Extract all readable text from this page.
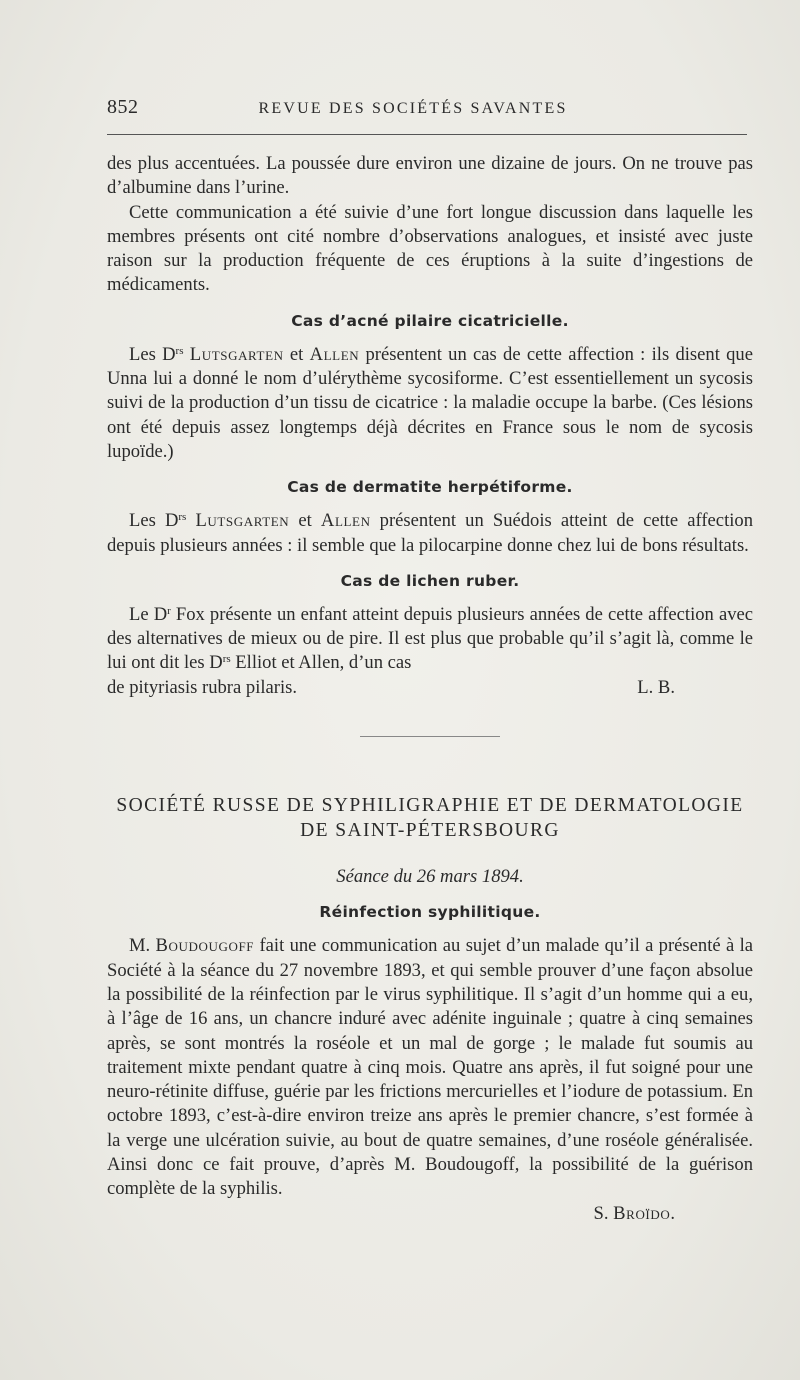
852	REVUE DES SOCIÉTÉS SAVANTES

des plus accentuées. La poussée dure environ une dizaine de jours. On ne trouve pas d’albumine dans l’urine.

Cette communication a été suivie d’une fort longue discussion dans laquelle les membres présents ont cité nombre d’observations analogues, et insisté avec juste raison sur la production fréquente de ces éruptions à la suite d’ingestions de médicaments.

Cas d’acné pilaire cicatricielle.

Les $D^{rs}$ Lutsgarten et Allen présentent un cas de cette affection : ils disent que Unna lui a donné le nom d’ulérythème sycosiforme. C’est essentiellement un sycosis suivi de la production d’un tissu de cicatrice : la maladie occupe la barbe. (Ces lésions ont été depuis assez longtemps déjà décrites en France sous le nom de sycosis lupoïde.)

Cas de dermatite herpétiforme.

Les $D^{rs}$ Lutsgarten et Allen présentent un Suédois atteint de cette affection depuis plusieurs années : il semble que la pilocarpine donne chez lui de bons résultats.

Cas de lichen ruber.

Le $D^r$ Fox présente un enfant atteint depuis plusieurs années de cette affection avec des alternatives de mieux ou de pire. Il est plus que probable qu’il s’agit là, comme le lui ont dit les $D^{rs}$ Elliot et Allen, d’un cas

de pityriasis rubra pilaris.	L. B.
SOCIÉTÉ RUSSE DE SYPHILIGRAPHIE ET DE DERMATOLOGIE
DE SAINT-PÉTERSBOURG
Séance du 26 mars 1894.
Réinfection syphilitique.

M. Boudougoff fait une communication au sujet d’un malade qu’il a présenté à la Société à la séance du 27 novembre 1893, et qui semble prouver d’une façon absolue la possibilité de la réinfection par le virus syphilitique. Il s’agit d’un homme qui a eu, à l’âge de 16 ans, un chancre induré avec adénite inguinale ; quatre à cinq semaines après, se sont montrés la roséole et un mal de gorge ; le malade fut soumis au traitement mixte pendant quatre à cinq mois. Quatre ans après, il fut soigné pour une neuro-rétinite diffuse, guérie par les frictions mercurielles et l’iodure de potassium. En octobre 1893, c’est-à-dire environ treize ans après le premier chancre, s’est formée à la verge une ulcération suivie, au bout de quatre semaines, d’une roséole généralisée. Ainsi donc ce fait prouve, d’après M. Boudougoff, la possibilité de la guérison complète de la syphilis.

S. Broïdo.
